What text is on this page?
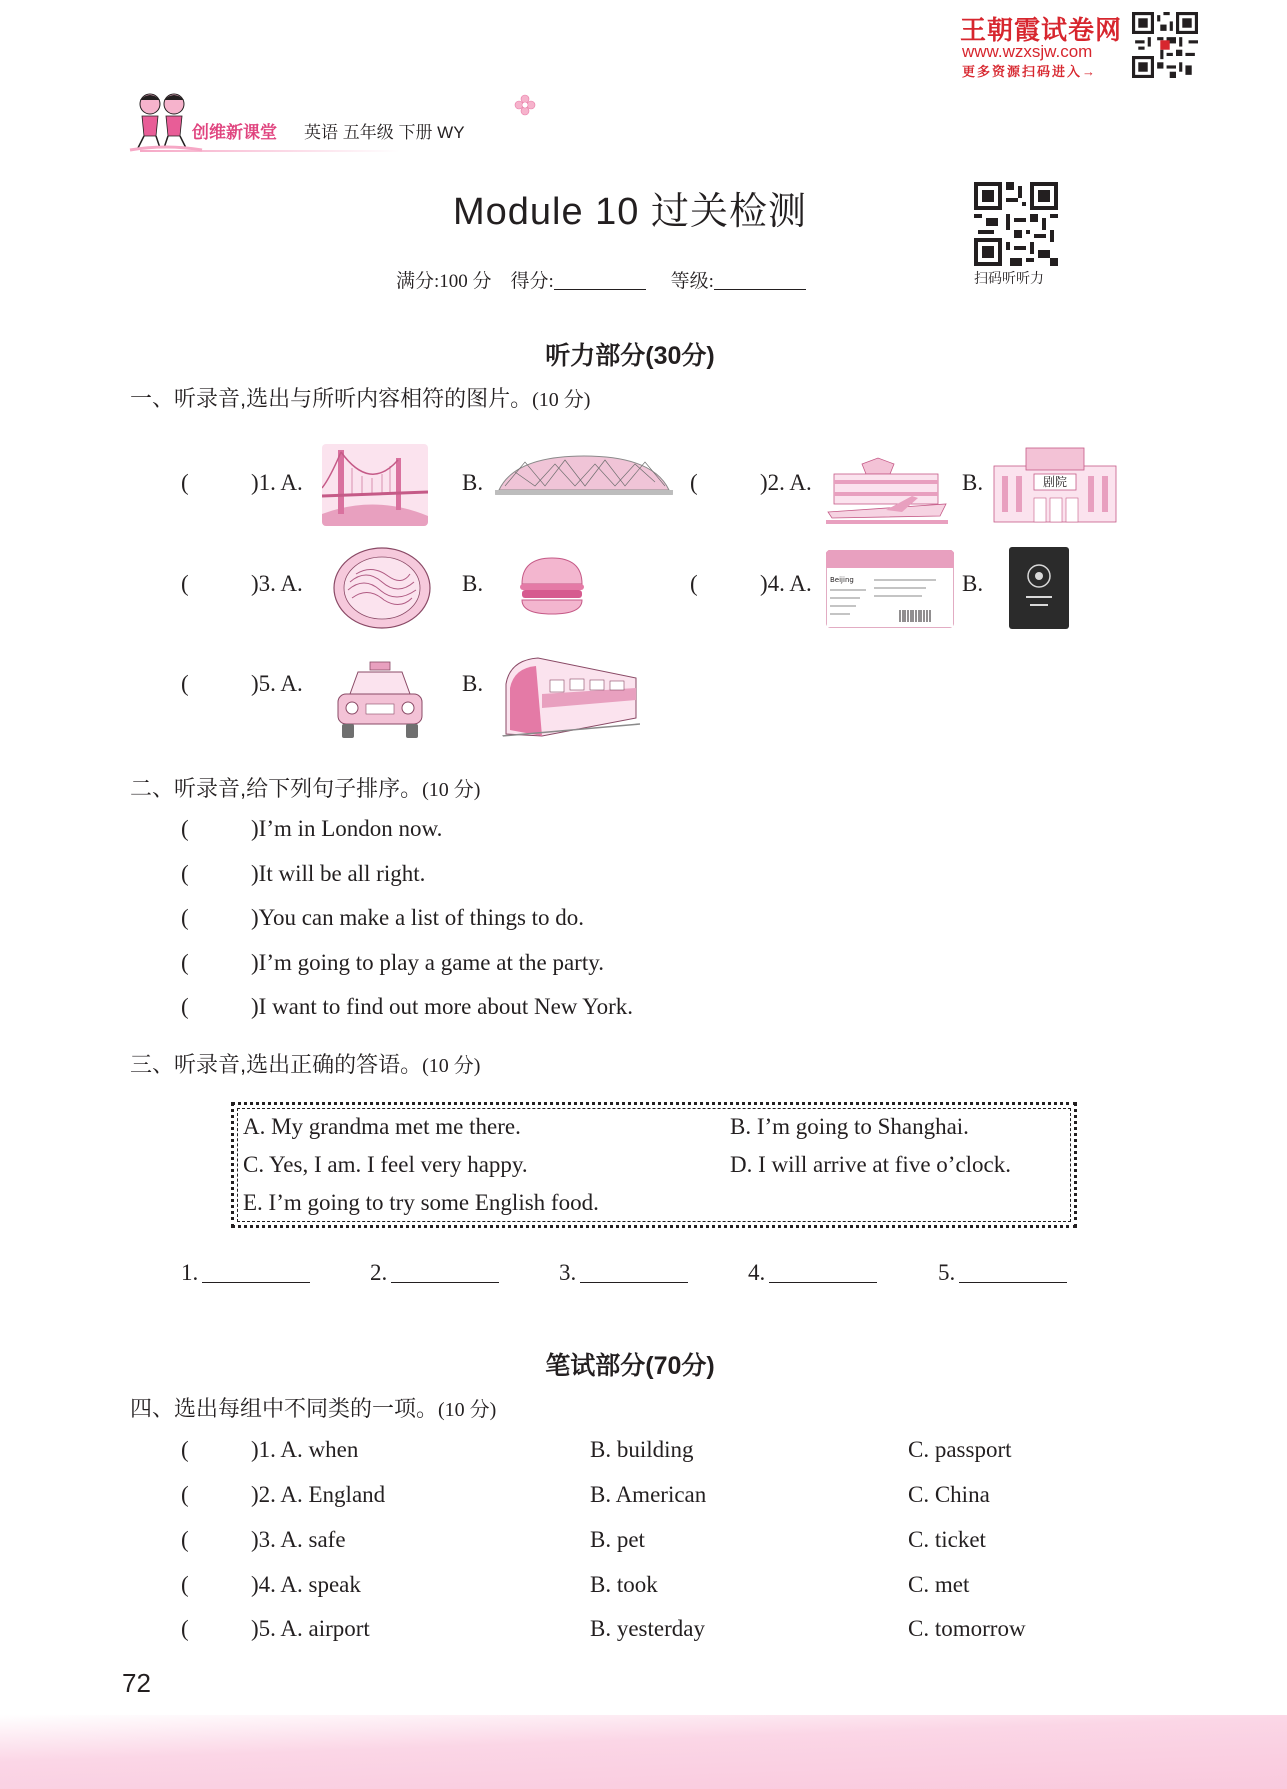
王朝霞试卷网
www.wzxsjw.com
更多资源扫码进入→
创维新课堂 英语 五年级 下册 WY
Module 10 过关检测
扫码听听力
满分:100 分 得分:	等级:
听力部分(30分)
一、听录音,选出与所听内容相符的图片。(10 分)
(	)1. A.	B.	(	)2. A.	B.	剧院
(	)3. A.	B.	(	)4. A.	Beijing	B.
(	)5. A.	B.
二、听录音,给下列句子排序。(10 分)
(	)I’m in London now.
(	)It will be all right.
(	)You can make a list of things to do.
(	)I’m going to play a game at the party.
(	)I want to find out more about New York.
三、听录音,选出正确的答语。(10 分)
A. My grandma met me there.	B. I’m going to Shanghai.
C. Yes, I am. I feel very happy.	D. I will arrive at five o’clock.
E. I’m going to try some English food.
1.	2.	3.	4.	5.
笔试部分(70分)
四、选出每组中不同类的一项。(10 分)
(	)1. A. when	B. building	C. passport
(	)2. A. England	B. American	C. China
(	)3. A. safe	B. pet	C. ticket
(	)4. A. speak	B. took	C. met
(	)5. A. airport	B. yesterday	C. tomorrow
72
